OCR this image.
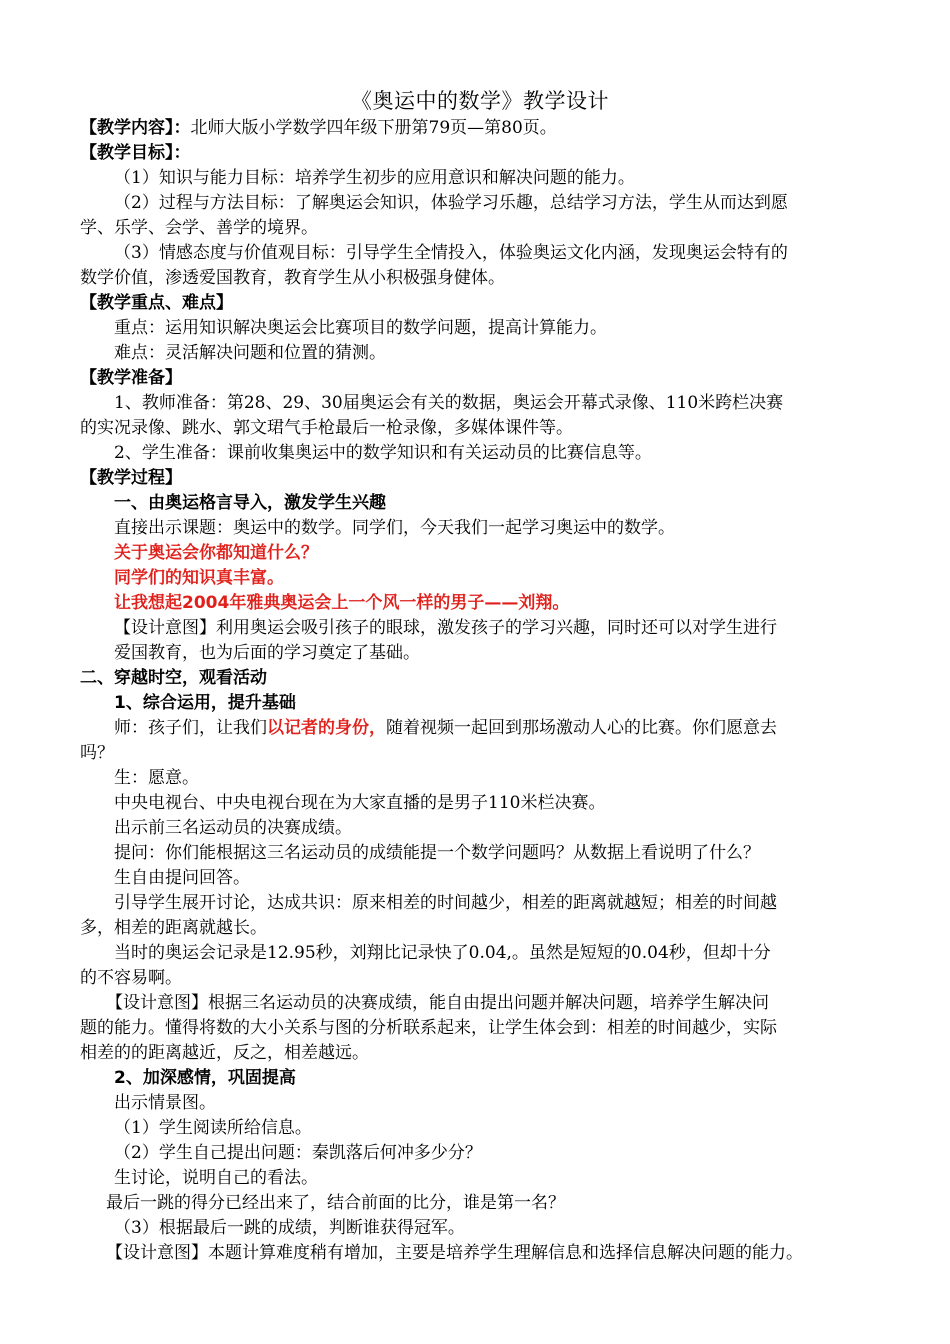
《奥运中的数学》教学设计
【教学内容】：北师大版小学数学四年级下册第79页—第80页。
【教学目标】：
（1）知识与能力目标：培养学生初步的应用意识和解决问题的能力。
（2）过程与方法目标：了解奥运会知识，体验学习乐趣，总结学习方法，学生从而达到愿
学、乐学、会学、善学的境界。
（3）情感态度与价值观目标：引导学生全情投入，体验奥运文化内涵，发现奥运会特有的
数学价值，渗透爱国教育，教育学生从小积极强身健体。
【教学重点、难点】
重点：运用知识解决奥运会比赛项目的数学问题，提高计算能力。
难点：灵活解决问题和位置的猜测。
【教学准备】
1、教师准备：第28、29、30届奥运会有关的数据，奥运会开幕式录像、110米跨栏决赛
的实况录像、跳水、郭文珺气手枪最后一枪录像，多媒体课件等。
2、学生准备：课前收集奥运中的数学知识和有关运动员的比赛信息等。
【教学过程】
一、由奥运格言导入，激发学生兴趣
直接出示课题：奥运中的数学。同学们，今天我们一起学习奥运中的数学。
关于奥运会你都知道什么？
同学们的知识真丰富。
让我想起2004年雅典奥运会上一个风一样的男子——刘翔。
【设计意图】利用奥运会吸引孩子的眼球，激发孩子的学习兴趣，同时还可以对学生进行
爱国教育，也为后面的学习奠定了基础。
二、穿越时空，观看活动
1、综合运用，提升基础
师：孩子们，让我们以记者的身份，随着视频一起回到那场激动人心的比赛。你们愿意去
吗？
生：愿意。
中央电视台、中央电视台现在为大家直播的是男子110米栏决赛。
出示前三名运动员的决赛成绩。
提问：你们能根据这三名运动员的成绩能提一个数学问题吗？从数据上看说明了什么？
生自由提问回答。
引导学生展开讨论，达成共识：原来相差的时间越少，相差的距离就越短；相差的时间越
多，相差的距离就越长。
当时的奥运会记录是12.95秒，刘翔比记录快了0.04,。虽然是短短的0.04秒，但却十分
的不容易啊。
【设计意图】根据三名运动员的决赛成绩，能自由提出问题并解决问题，培养学生解决问
题的能力。懂得将数的大小关系与图的分析联系起来，让学生体会到：相差的时间越少，实际
相差的的距离越近，反之，相差越远。
2、加深感情，巩固提高
出示情景图。
（1）学生阅读所给信息。
（2）学生自己提出问题：秦凯落后何冲多少分？
生讨论，说明自己的看法。
最后一跳的得分已经出来了，结合前面的比分，谁是第一名？
（3）根据最后一跳的成绩，判断谁获得冠军。
【设计意图】本题计算难度稍有增加，主要是培养学生理解信息和选择信息解决问题的能力。
